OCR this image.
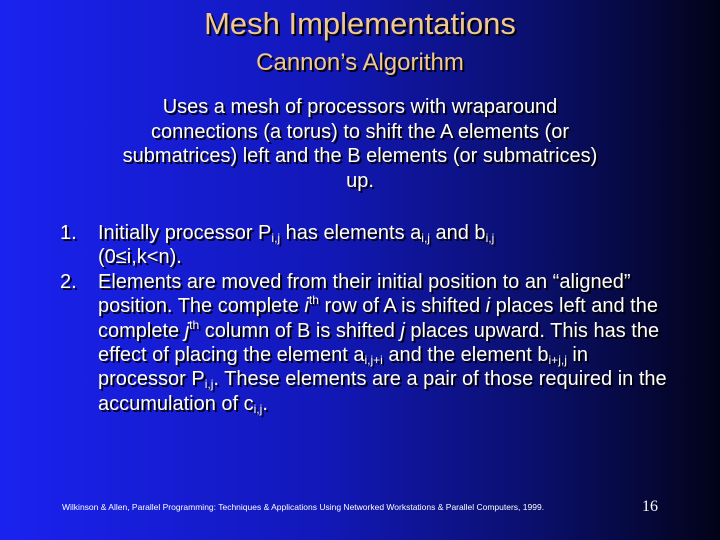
Mesh Implementations
Cannon’s Algorithm
Uses a mesh of processors with wraparound connections (a torus) to shift the A elements (or submatrices) left and the B elements (or submatrices) up.
1.	Initially processor Pi,j has elements ai,j and bi,j
(0≤i,k<n).
2.	Elements are moved from their initial position to an “aligned” position. The complete $i^{th}$ row of A is shifted i places left and the complete $j^{th}$ column of B is shifted j places upward. This has the effect of placing the element ai,j+i and the element bi+j,j in processor Pi,j. These elements are a pair of those required in the accumulation of ci,j.
Wilkinson & Allen, Parallel Programming: Techniques & Applications Using Networked Workstations & Parallel Computers, 1999.	16
